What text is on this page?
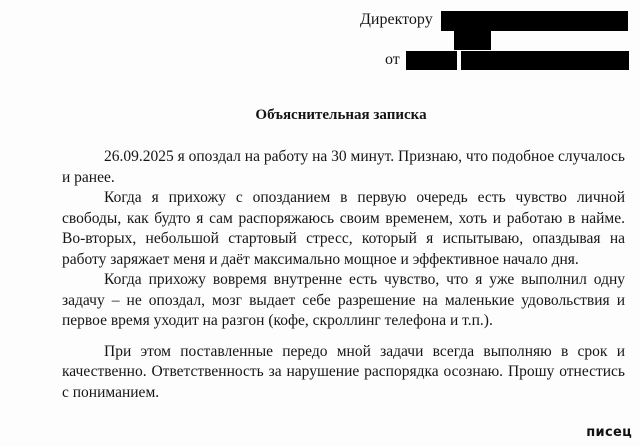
Директору
от
Объяснительная записка

26.09.2025 я опоздал на работу на 30 минут. Признаю, что подобное случалось и ранее.

Когда я прихожу с опозданием в первую очередь есть чувство личной свободы, как будто я сам распоряжаюсь своим временем, хоть и работаю в найме. Во-вторых, небольшой стартовый стресс, который я испытываю, опаздывая на работу заряжает меня и даёт максимально мощное и эффективное начало дня.

Когда прихожу вовремя внутренне есть чувство, что я уже выполнил одну задачу – не опоздал, мозг выдает себе разрешение на маленькие удовольствия и первое время уходит на разгон (кофе, скроллинг телефона и т.п.).

При этом поставленные передо мной задачи всегда выполняю в срок и качественно. Ответственность за нарушение распорядка осознаю. Прошу отнестись с пониманием.

писец
